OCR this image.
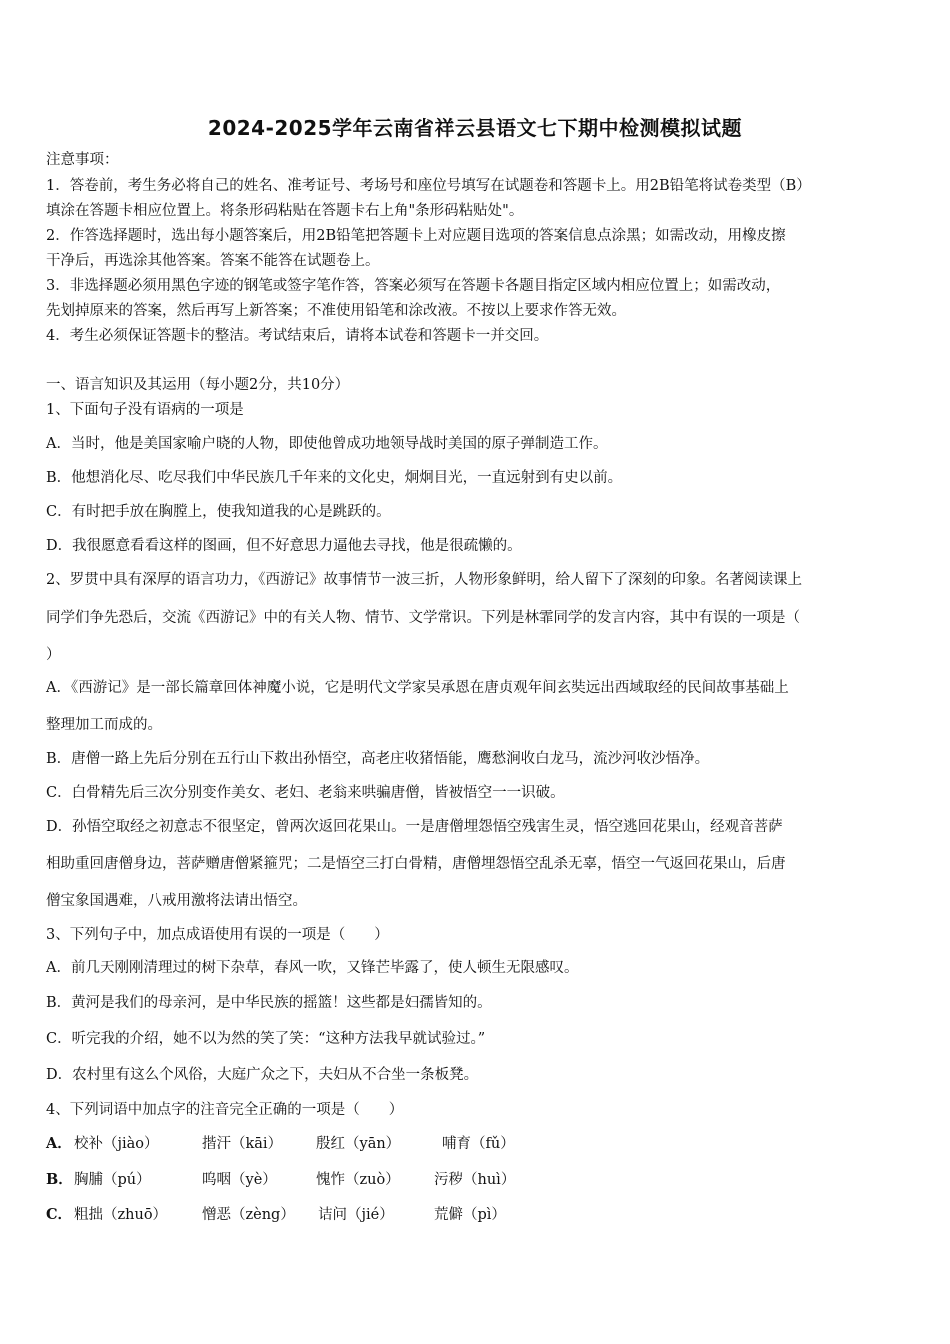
2024-2025学年云南省祥云县语文七下期中检测模拟试题
注意事项：
1．答卷前，考生务必将自己的姓名、准考证号、考场号和座位号填写在试题卷和答题卡上。用2B铅笔将试卷类型（B）
填涂在答题卡相应位置上。将条形码粘贴在答题卡右上角"条形码粘贴处"。
2．作答选择题时，选出每小题答案后，用2B铅笔把答题卡上对应题目选项的答案信息点涂黑；如需改动，用橡皮擦
干净后，再选涂其他答案。答案不能答在试题卷上。
3．非选择题必须用黑色字迹的钢笔或签字笔作答，答案必须写在答题卡各题目指定区域内相应位置上；如需改动，
先划掉原来的答案，然后再写上新答案；不准使用铅笔和涂改液。不按以上要求作答无效。
4．考生必须保证答题卡的整洁。考试结束后，请将本试卷和答题卡一并交回。
一、语言知识及其运用（每小题2分，共10分）
1、下面句子没有语病的一项是
A．当时，他是美国家喻户晓的人物，即使他曾成功地领导战时美国的原子弹制造工作。
B．他想消化尽、吃尽我们中华民族几千年来的文化史，炯炯目光，一直远射到有史以前。
C．有时把手放在胸膛上，使我知道我的心是跳跃的。
D．我很愿意看看这样的图画，但不好意思力逼他去寻找，他是很疏懒的。
2、罗贯中具有深厚的语言功力，《西游记》故事情节一波三折，人物形象鲜明，给人留下了深刻的印象。名著阅读课上
同学们争先恐后，交流《西游记》中的有关人物、情节、文学常识。下列是林霏同学的发言内容，其中有误的一项是（
）
A．《西游记》是一部长篇章回体神魔小说，它是明代文学家吴承恩在唐贞观年间玄奘远出西域取经的民间故事基础上
整理加工而成的。
B．唐僧一路上先后分别在五行山下救出孙悟空，高老庄收猪悟能，鹰愁涧收白龙马，流沙河收沙悟净。
C．白骨精先后三次分别变作美女、老妇、老翁来哄骗唐僧，皆被悟空一一识破。
D．孙悟空取经之初意志不很坚定，曾两次返回花果山。一是唐僧埋怨悟空残害生灵，悟空逃回花果山，经观音菩萨
相助重回唐僧身边，菩萨赠唐僧紧箍咒；二是悟空三打白骨精，唐僧埋怨悟空乱杀无辜，悟空一气返回花果山，后唐
僧宝象国遇难，八戒用激将法请出悟空。
3、下列句子中，加点成语使用有误的一项是（　　）
A．前几天刚刚清理过的树下杂草，春风一吹，又锋芒毕露了，使人顿生无限感叹。
B．黄河是我们的母亲河，是中华民族的摇篮！这些都是妇孺皆知的。
C．听完我的介绍，她不以为然的笑了笑：“这种方法我早就试验过。”
D．农村里有这么个风俗，大庭广众之下，夫妇从不合坐一条板凳。
4、下列词语中加点字的注音完全正确的一项是（　　）
A． 校补（jiào）	揩汗（kāi） 殷红（yān）	哺育（fǔ）
B． 胸脯（pú）	呜咽（yè）	愧怍（zuò） 污秽（huì）
C． 粗拙（zhuō） 憎恶（zèng） 诘问（jié）	荒僻（pì）
